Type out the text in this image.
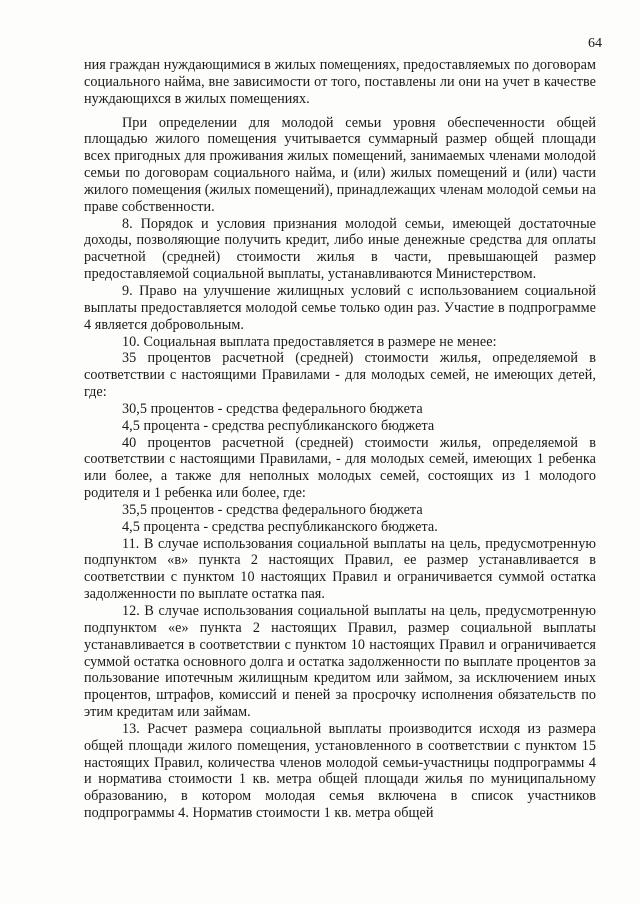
64

ния граждан нуждающимися в жилых помещениях, предоставляемых по договорам социального найма, вне зависимости от того, поставлены ли они на учет в качестве нуждающихся в жилых помещениях.

При определении для молодой семьи уровня обеспеченности общей площадью жилого помещения учитывается суммарный размер общей площади всех пригодных для проживания жилых помещений, занимаемых членами молодой семьи по договорам социального найма, и (или) жилых помещений и (или) части жилого помещения (жилых помещений), принадлежащих членам молодой семьи на праве собственности.

8. Порядок и условия признания молодой семьи, имеющей достаточные доходы, позволяющие получить кредит, либо иные денежные средства для оплаты расчетной (средней) стоимости жилья в части, превышающей размер предоставляемой социальной выплаты, устанавливаются Министерством.

9. Право на улучшение жилищных условий с использованием социальной выплаты предоставляется молодой семье только один раз. Участие в подпрограмме 4 является добровольным.

10. Социальная выплата предоставляется в размере не менее:

35 процентов расчетной (средней) стоимости жилья, определяемой в соответствии с настоящими Правилами - для молодых семей, не имеющих детей, где:

30,5 процентов - средства федерального бюджета

4,5 процента - средства республиканского бюджета

40 процентов расчетной (средней) стоимости жилья, определяемой в соответствии с настоящими Правилами, - для молодых семей, имеющих 1 ребенка или более, а также для неполных молодых семей, состоящих из 1 молодого родителя и 1 ребенка или более, где:

35,5 процентов - средства федерального бюджета

4,5 процента - средства республиканского бюджета.

11. В случае использования социальной выплаты на цель, предусмотренную подпунктом «в» пункта 2 настоящих Правил, ее размер устанавливается в соответствии с пунктом 10 настоящих Правил и ограничивается суммой остатка задолженности по выплате остатка пая.

12. В случае использования социальной выплаты на цель, предусмотренную подпунктом «е» пункта 2 настоящих Правил, размер социальной выплаты устанавливается в соответствии с пунктом 10 настоящих Правил и ограничивается суммой остатка основного долга и остатка задолженности по выплате процентов за пользование ипотечным жилищным кредитом или займом, за исключением иных процентов, штрафов, комиссий и пеней за просрочку исполнения обязательств по этим кредитам или займам.

13. Расчет размера социальной выплаты производится исходя из размера общей площади жилого помещения, установленного в соответствии с пунктом 15 настоящих Правил, количества членов молодой семьи-участницы подпрограммы 4 и норматива стоимости 1 кв. метра общей площади жилья по муниципальному образованию, в котором молодая семья включена в список участников подпрограммы 4. Норматив стоимости 1 кв. метра общей
